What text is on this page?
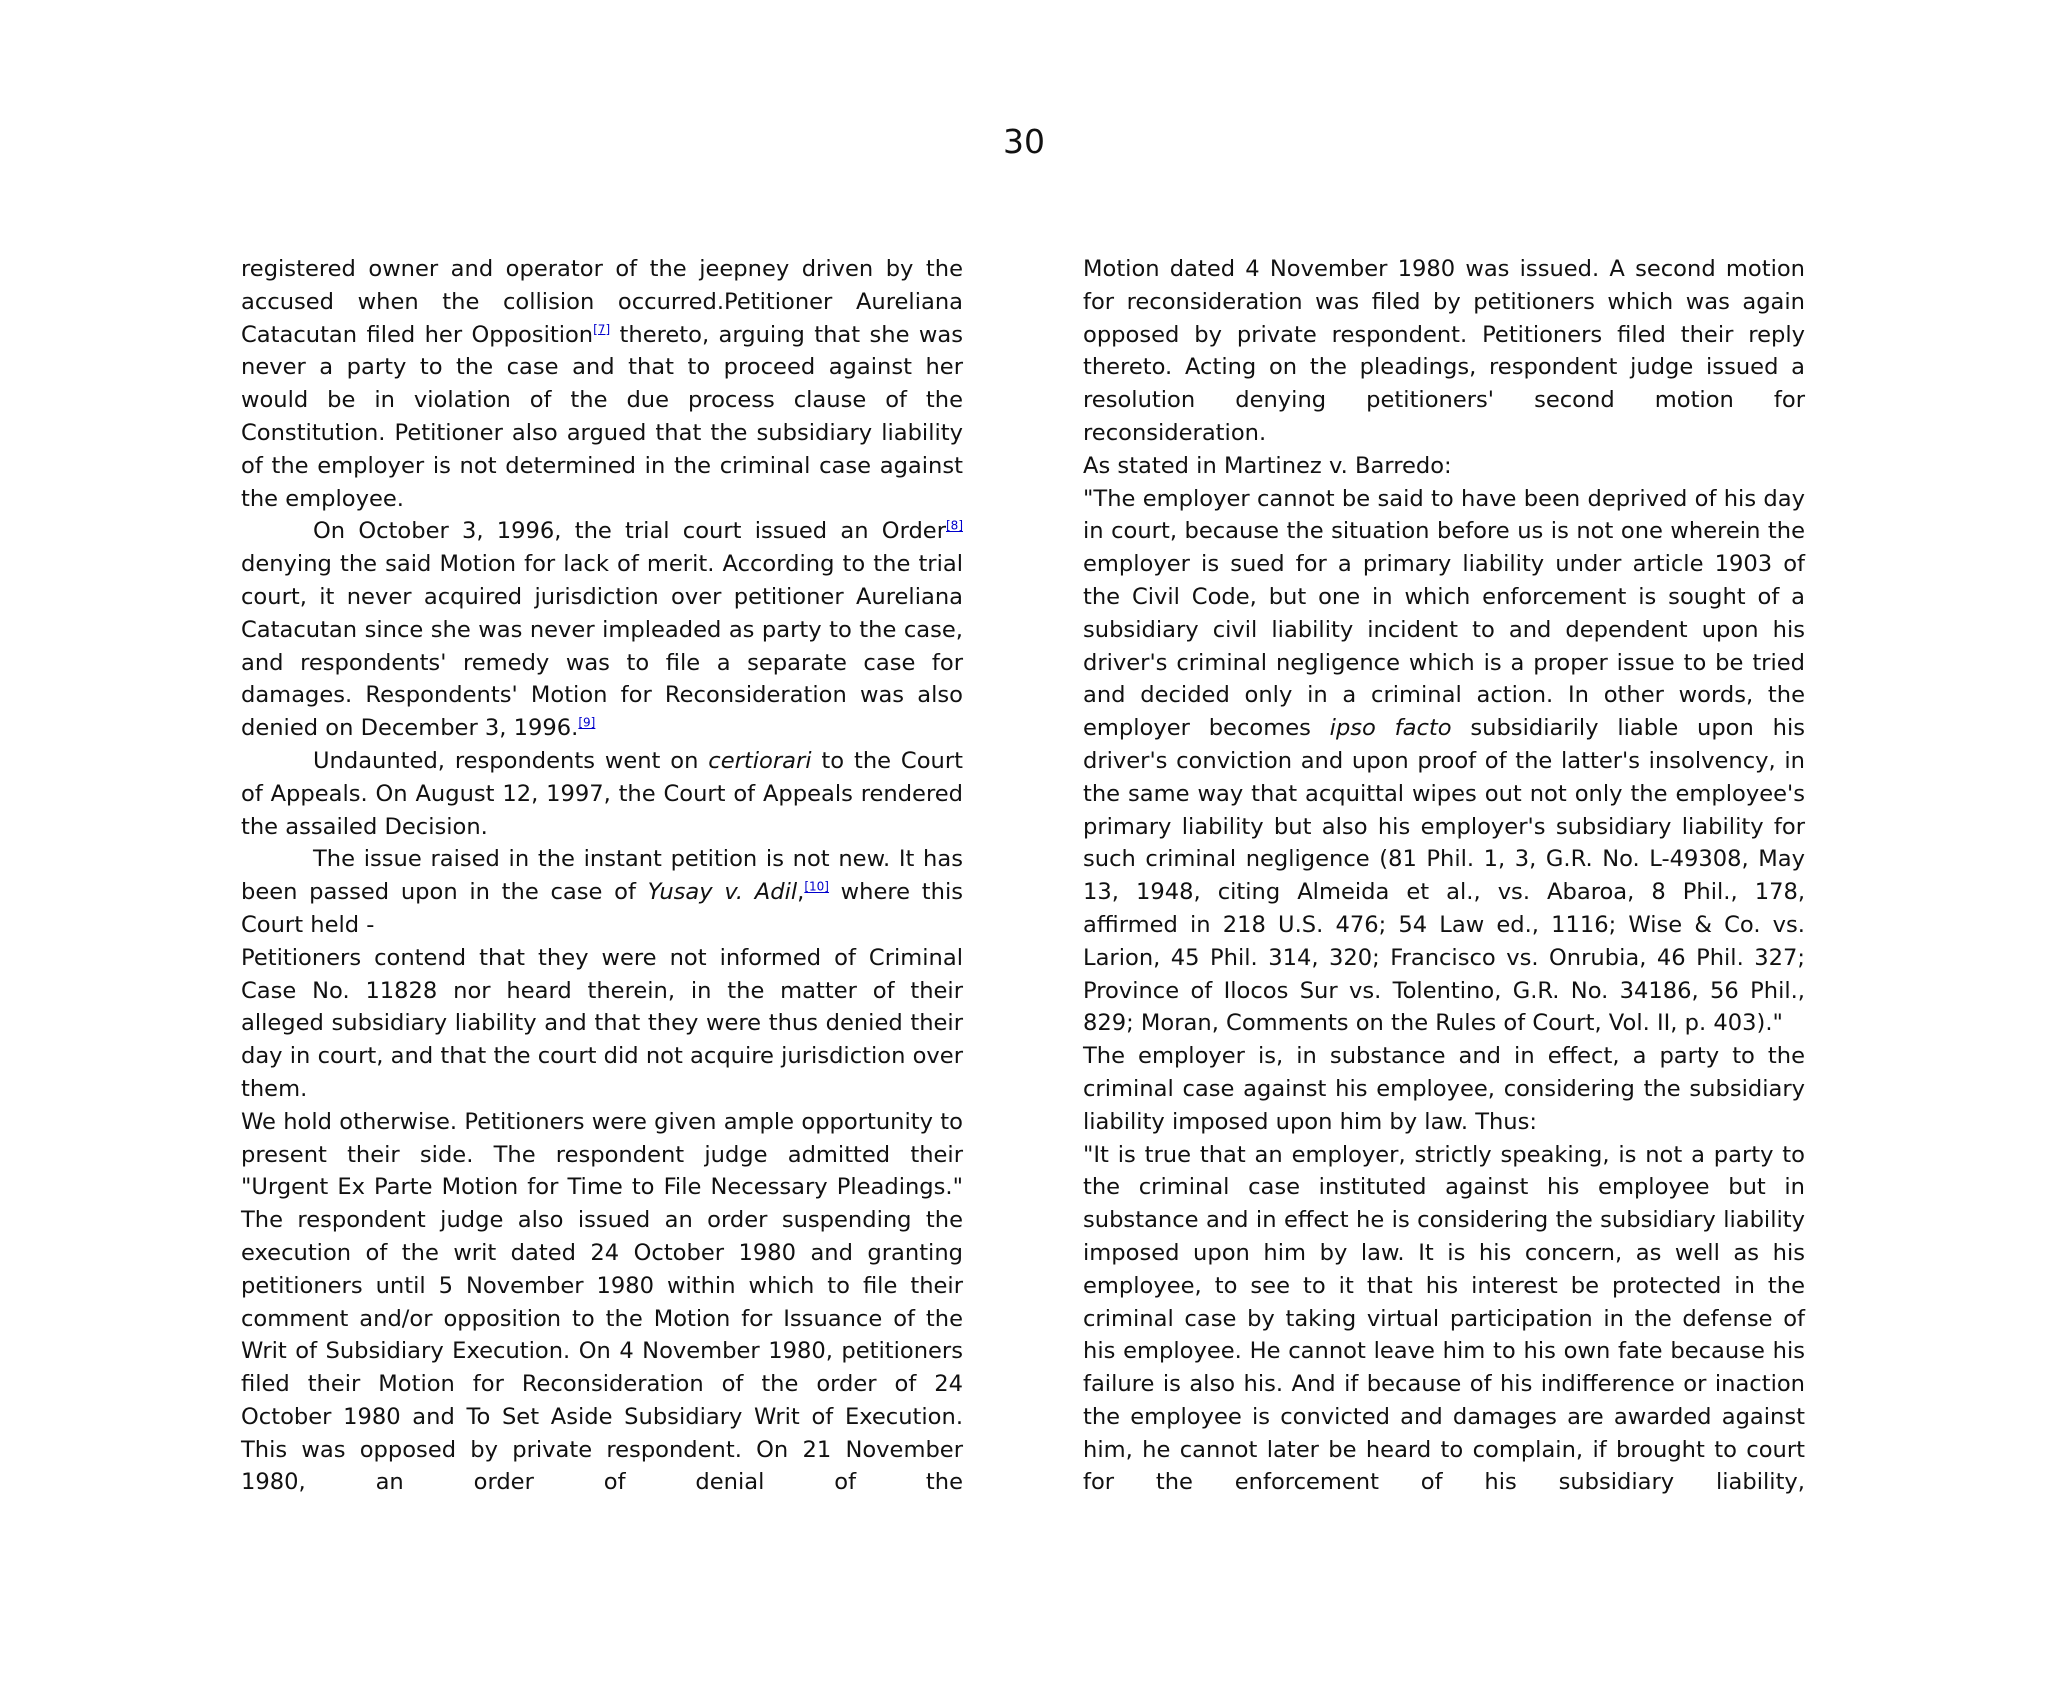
30

registered owner and operator of the jeepney driven by the accused when the collision occurred.Petitioner Aureliana Catacutan filed her Opposition[7] thereto, arguing that she was never a party to the case and that to proceed against her would be in violation of the due process clause of the Constitution. Petitioner also argued that the subsidiary liability of the employer is not determined in the criminal case against the employee.

On October 3, 1996, the trial court issued an Order[8] denying the said Motion for lack of merit. According to the trial court, it never acquired jurisdiction over petitioner Aureliana Catacutan since she was never impleaded as party to the case, and respondents' remedy was to file a separate case for damages. Respondents' Motion for Reconsideration was also denied on December 3, 1996.[9]

Undaunted, respondents went on certiorari to the Court of Appeals. On August 12, 1997, the Court of Appeals rendered the assailed Decision.

The issue raised in the instant petition is not new. It has been passed upon in the case of Yusay v. Adil,[10] where this Court held -

Petitioners contend that they were not informed of Criminal Case No. 11828 nor heard therein, in the matter of their alleged subsidiary liability and that they were thus denied their day in court, and that the court did not acquire jurisdiction over them.

We hold otherwise. Petitioners were given ample opportunity to present their side. The respondent judge admitted their "Urgent Ex Parte Motion for Time to File Necessary Pleadings." The respondent judge also issued an order suspending the execution of the writ dated 24 October 1980 and granting petitioners until 5 November 1980 within which to file their comment and/or opposition to the Motion for Issuance of the Writ of Subsidiary Execution. On 4 November 1980, petitioners filed their Motion for Reconsideration of the order of 24 October 1980 and To Set Aside Subsidiary Writ of Execution. This was opposed by private respondent. On 21 November 1980, an order of denial of the

Motion dated 4 November 1980 was issued. A second motion for reconsideration was filed by petitioners which was again opposed by private respondent. Petitioners filed their reply thereto. Acting on the pleadings, respondent judge issued a resolution denying petitioners' second motion for reconsideration.

As stated in Martinez v. Barredo:

"The employer cannot be said to have been deprived of his day in court, because the situation before us is not one wherein the employer is sued for a primary liability under article 1903 of the Civil Code, but one in which enforcement is sought of a subsidiary civil liability incident to and dependent upon his driver's criminal negligence which is a proper issue to be tried and decided only in a criminal action. In other words, the employer becomes ipso facto subsidiarily liable upon his driver's conviction and upon proof of the latter's insolvency, in the same way that acquittal wipes out not only the employee's primary liability but also his employer's subsidiary liability for such criminal negligence (81 Phil. 1, 3, G.R. No. L-49308, May 13, 1948, citing Almeida et al., vs. Abaroa, 8 Phil., 178, affirmed in 218 U.S. 476; 54 Law ed., 1116; Wise & Co. vs. Larion, 45 Phil. 314, 320; Francisco vs. Onrubia, 46 Phil. 327; Province of Ilocos Sur vs. Tolentino, G.R. No. 34186, 56 Phil., 829; Moran, Comments on the Rules of Court, Vol. II, p. 403)."

The employer is, in substance and in effect, a party to the criminal case against his employee, considering the subsidiary liability imposed upon him by law. Thus:

"It is true that an employer, strictly speaking, is not a party to the criminal case instituted against his employee but in substance and in effect he is considering the subsidiary liability imposed upon him by law. It is his concern, as well as his employee, to see to it that his interest be protected in the criminal case by taking virtual participation in the defense of his employee. He cannot leave him to his own fate because his failure is also his. And if because of his indifference or inaction the employee is convicted and damages are awarded against him, he cannot later be heard to complain, if brought to court for the enforcement of his subsidiary liability,
